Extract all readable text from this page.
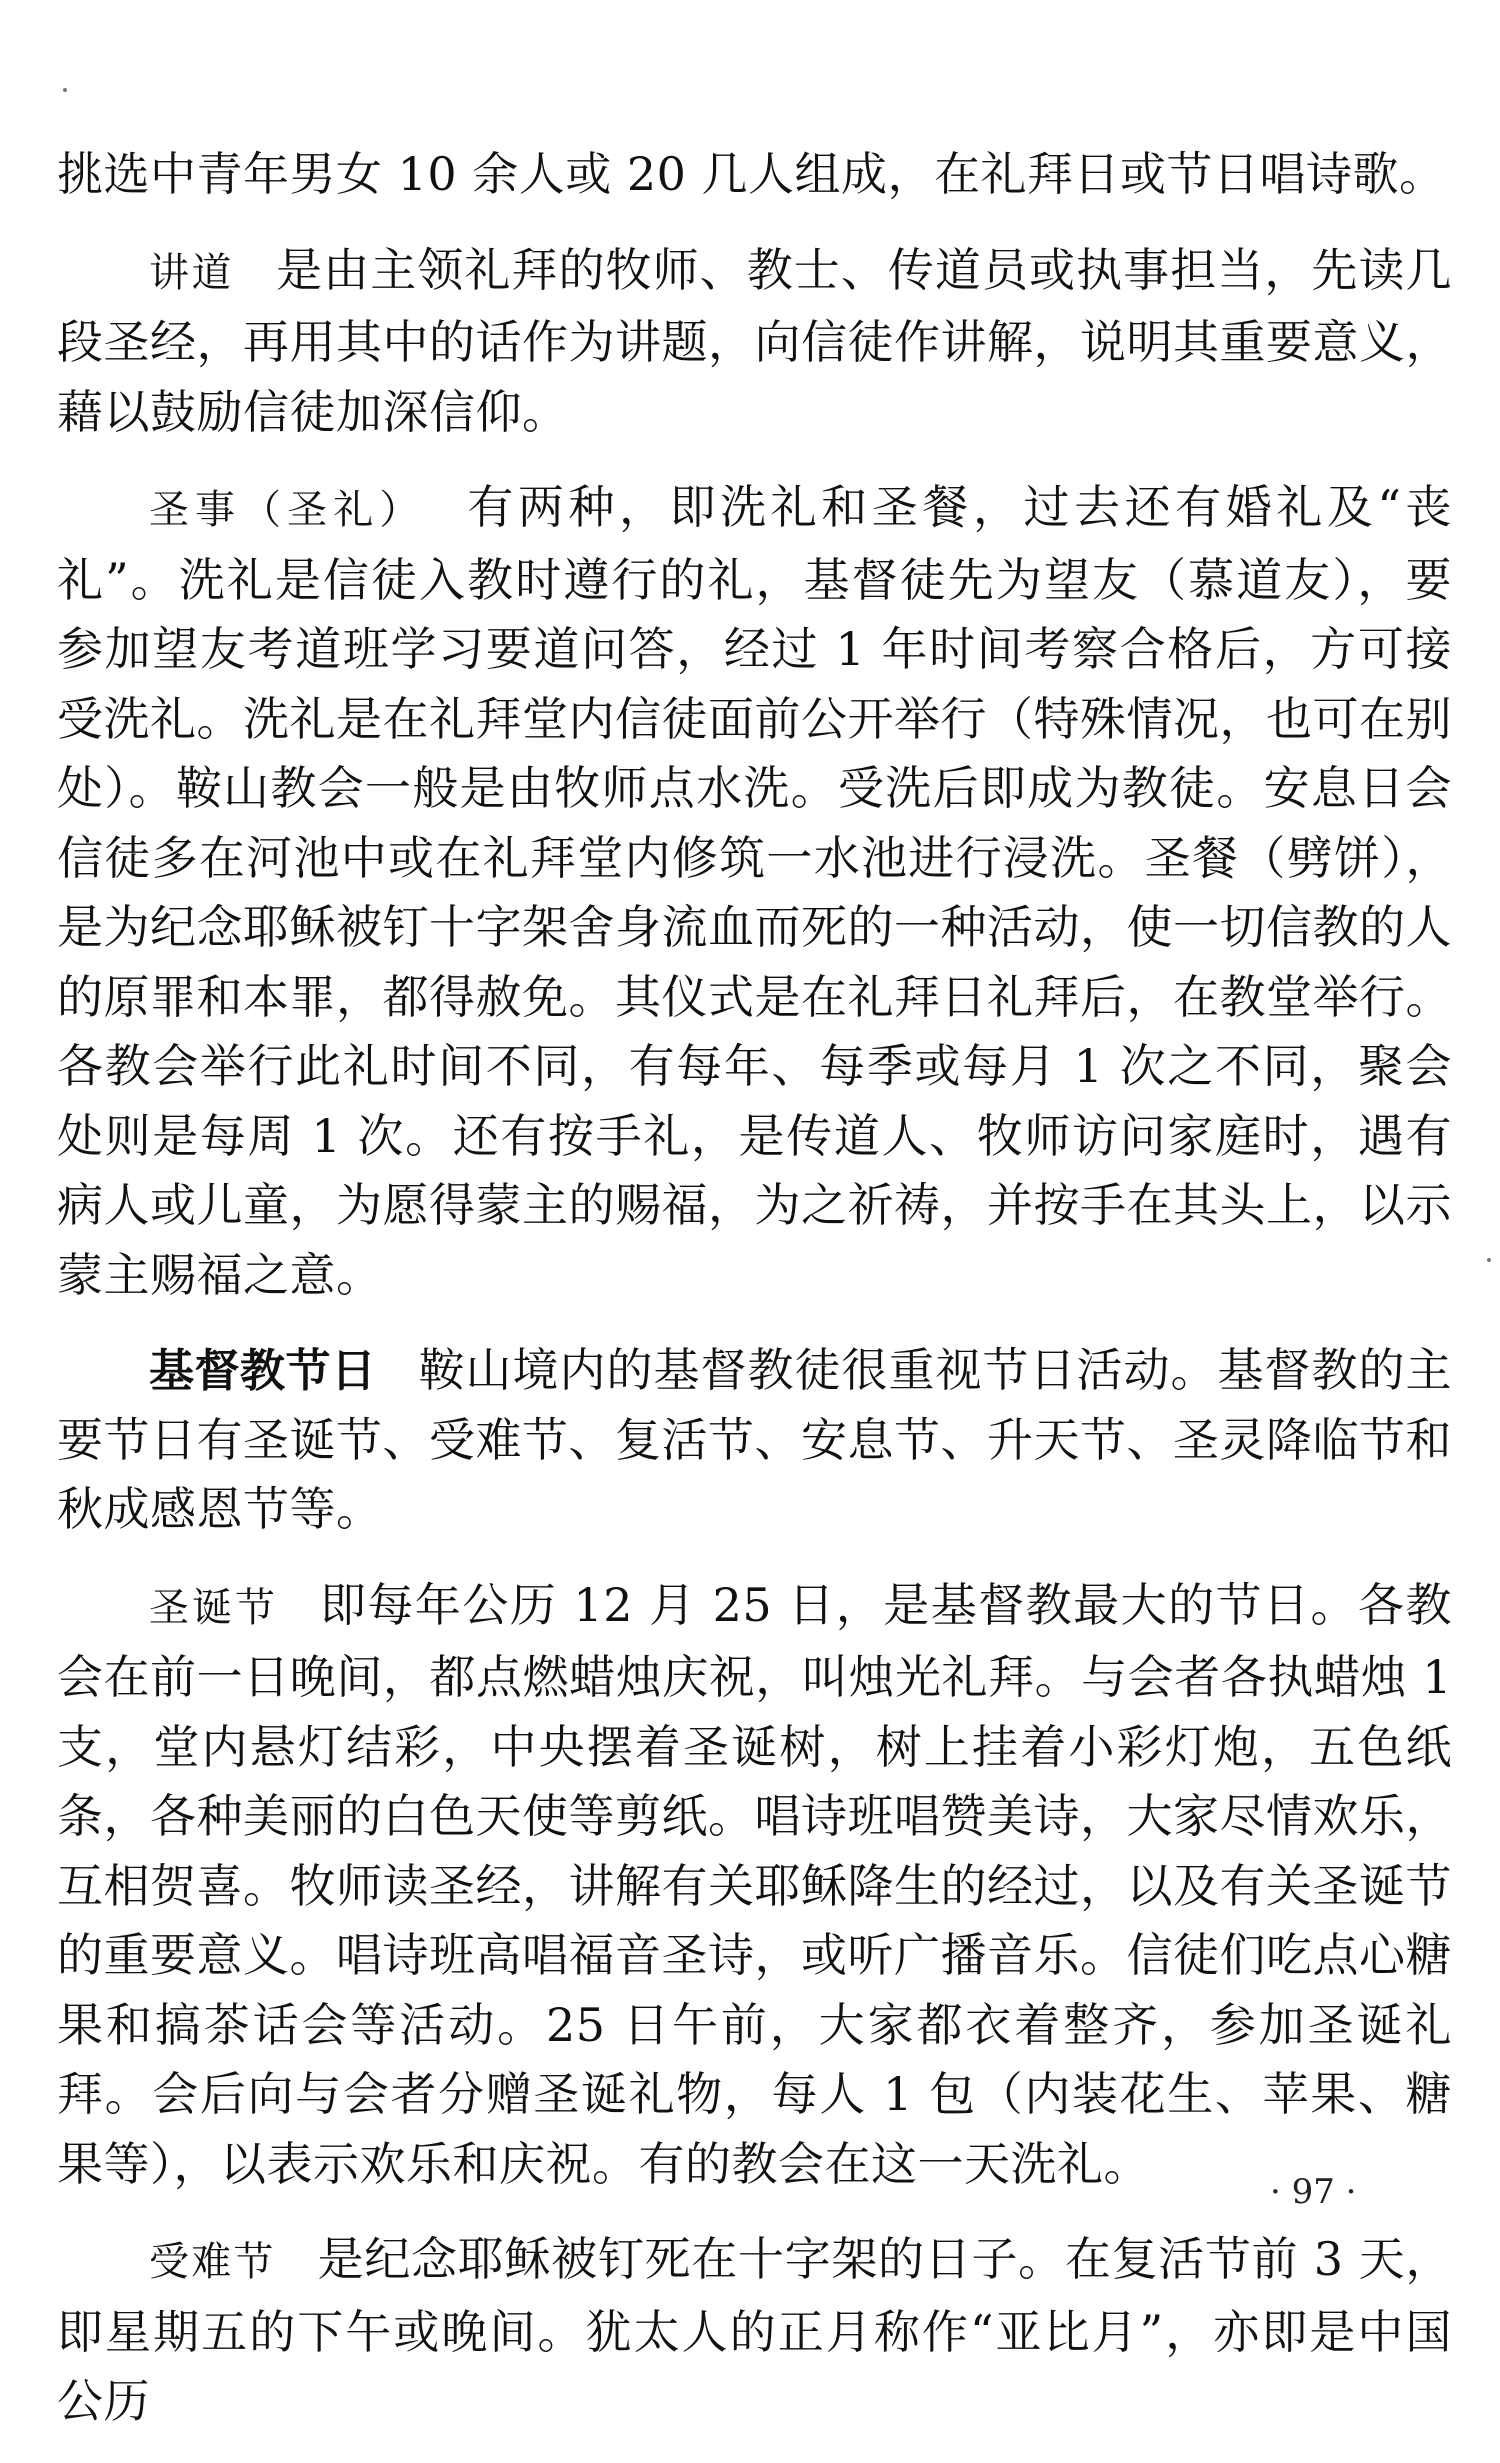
挑选中青年男女 10 余人或 20 几人组成，在礼拜日或节日唱诗歌。

讲道 是由主领礼拜的牧师、教士、传道员或执事担当，先读几段圣经，再用其中的话作为讲题，向信徒作讲解，说明其重要意义，藉以鼓励信徒加深信仰。

圣事（圣礼） 有两种，即洗礼和圣餐，过去还有婚礼及“丧礼”。洗礼是信徒入教时遵行的礼，基督徒先为望友（慕道友），要参加望友考道班学习要道问答，经过 1 年时间考察合格后，方可接受洗礼。洗礼是在礼拜堂内信徒面前公开举行（特殊情况，也可在别处）。鞍山教会一般是由牧师点水洗。受洗后即成为教徒。安息日会信徒多在河池中或在礼拜堂内修筑一水池进行浸洗。圣餐（劈饼），是为纪念耶稣被钉十字架舍身流血而死的一种活动，使一切信教的人的原罪和本罪，都得赦免。其仪式是在礼拜日礼拜后，在教堂举行。各教会举行此礼时间不同，有每年、每季或每月 1 次之不同，聚会处则是每周 1 次。还有按手礼，是传道人、牧师访问家庭时，遇有病人或儿童，为愿得蒙主的赐福，为之祈祷，并按手在其头上，以示蒙主赐福之意。

基督教节日 鞍山境内的基督教徒很重视节日活动。基督教的主要节日有圣诞节、受难节、复活节、安息节、升天节、圣灵降临节和秋成感恩节等。

圣诞节 即每年公历 12 月 25 日，是基督教最大的节日。各教会在前一日晚间，都点燃蜡烛庆祝，叫烛光礼拜。与会者各执蜡烛 1 支，堂内悬灯结彩，中央摆着圣诞树，树上挂着小彩灯炮，五色纸条，各种美丽的白色天使等剪纸。唱诗班唱赞美诗，大家尽情欢乐，互相贺喜。牧师读圣经，讲解有关耶稣降生的经过，以及有关圣诞节的重要意义。唱诗班高唱福音圣诗，或听广播音乐。信徒们吃点心糖果和搞茶话会等活动。25 日午前，大家都衣着整齐，参加圣诞礼拜。会后向与会者分赠圣诞礼物，每人 1 包（内装花生、苹果、糖果等），以表示欢乐和庆祝。有的教会在这一天洗礼。

受难节 是纪念耶稣被钉死在十字架的日子。在复活节前 3 天，即星期五的下午或晚间。犹太人的正月称作“亚比月”，亦即是中国公历

· 97 ·
